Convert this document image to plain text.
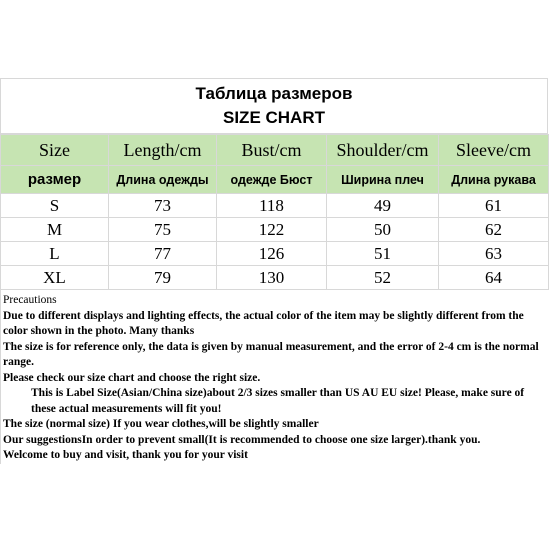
Таблица размеров
SIZE CHART
Size	Length/cm	Bust/cm	Shoulder/cm	Sleeve/cm
размер	Длина одежды	одежде Бюст	Ширина плеч	Длина рукава
S	73	118	49	61
M	75	122	50	62
L	77	126	51	63
XL	79	130	52	64
Precautions
Due to different displays and lighting effects, the actual color of the item may be slightly different from the color shown in the photo. Many thanks
The size is for reference only, the data is given by manual measurement, and the error of 2-4 cm is the normal range.
Please check our size chart and choose the right size.
This is Label Size(Asian/China size)about 2/3 sizes smaller than US AU EU size! Please, make sure of these actual measurements will fit you!
The size (normal size) If you wear clothes,will be slightly smaller
Our suggestionsIn order to prevent small(It is recommended to choose one size larger).thank you.
Welcome to buy and visit, thank you for your visit
